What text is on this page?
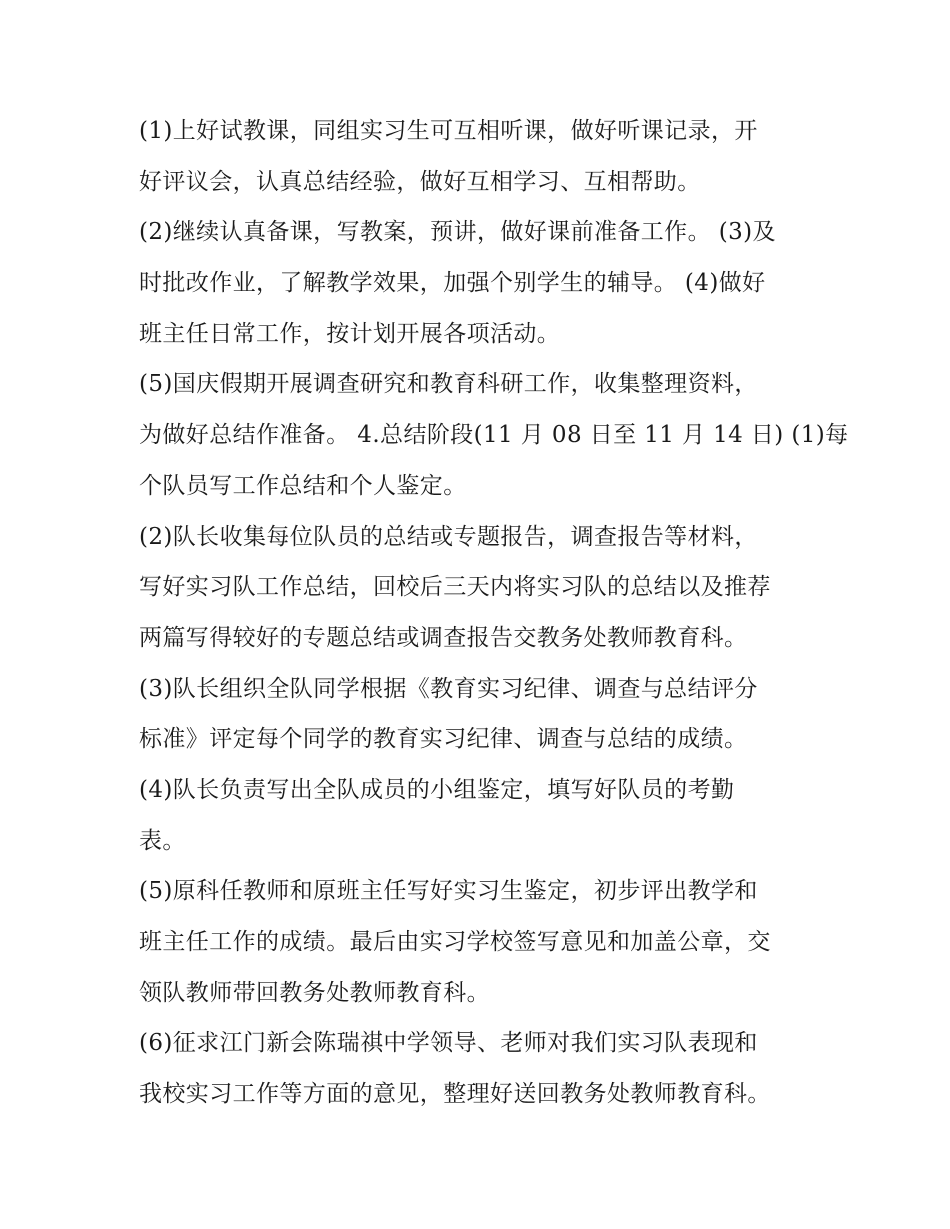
(1)上好试教课，同组实习生可互相听课，做好听课记录，开
好评议会，认真总结经验，做好互相学习、互相帮助。
(2)继续认真备课，写教案，预讲，做好课前准备工作。 (3)及
时批改作业，了解教学效果，加强个别学生的辅导。 (4)做好
班主任日常工作，按计划开展各项活动。
(5)国庆假期开展调查研究和教育科研工作，收集整理资料，
为做好总结作准备。 4.总结阶段(11 月 08 日至 11 月 14 日) (1)每
个队员写工作总结和个人鉴定。
(2)队长收集每位队员的总结或专题报告，调查报告等材料，
写好实习队工作总结，回校后三天内将实习队的总结以及推荐
两篇写得较好的专题总结或调查报告交教务处教师教育科。
(3)队长组织全队同学根据《教育实习纪律、调查与总结评分
标准》评定每个同学的教育实习纪律、调查与总结的成绩。
(4)队长负责写出全队成员的小组鉴定，填写好队员的考勤
表。
(5)原科任教师和原班主任写好实习生鉴定，初步评出教学和
班主任工作的成绩。最后由实习学校签写意见和加盖公章，交
领队教师带回教务处教师教育科。
(6)征求江门新会陈瑞祺中学领导、老师对我们实习队表现和
我校实习工作等方面的意见，整理好送回教务处教师教育科。
